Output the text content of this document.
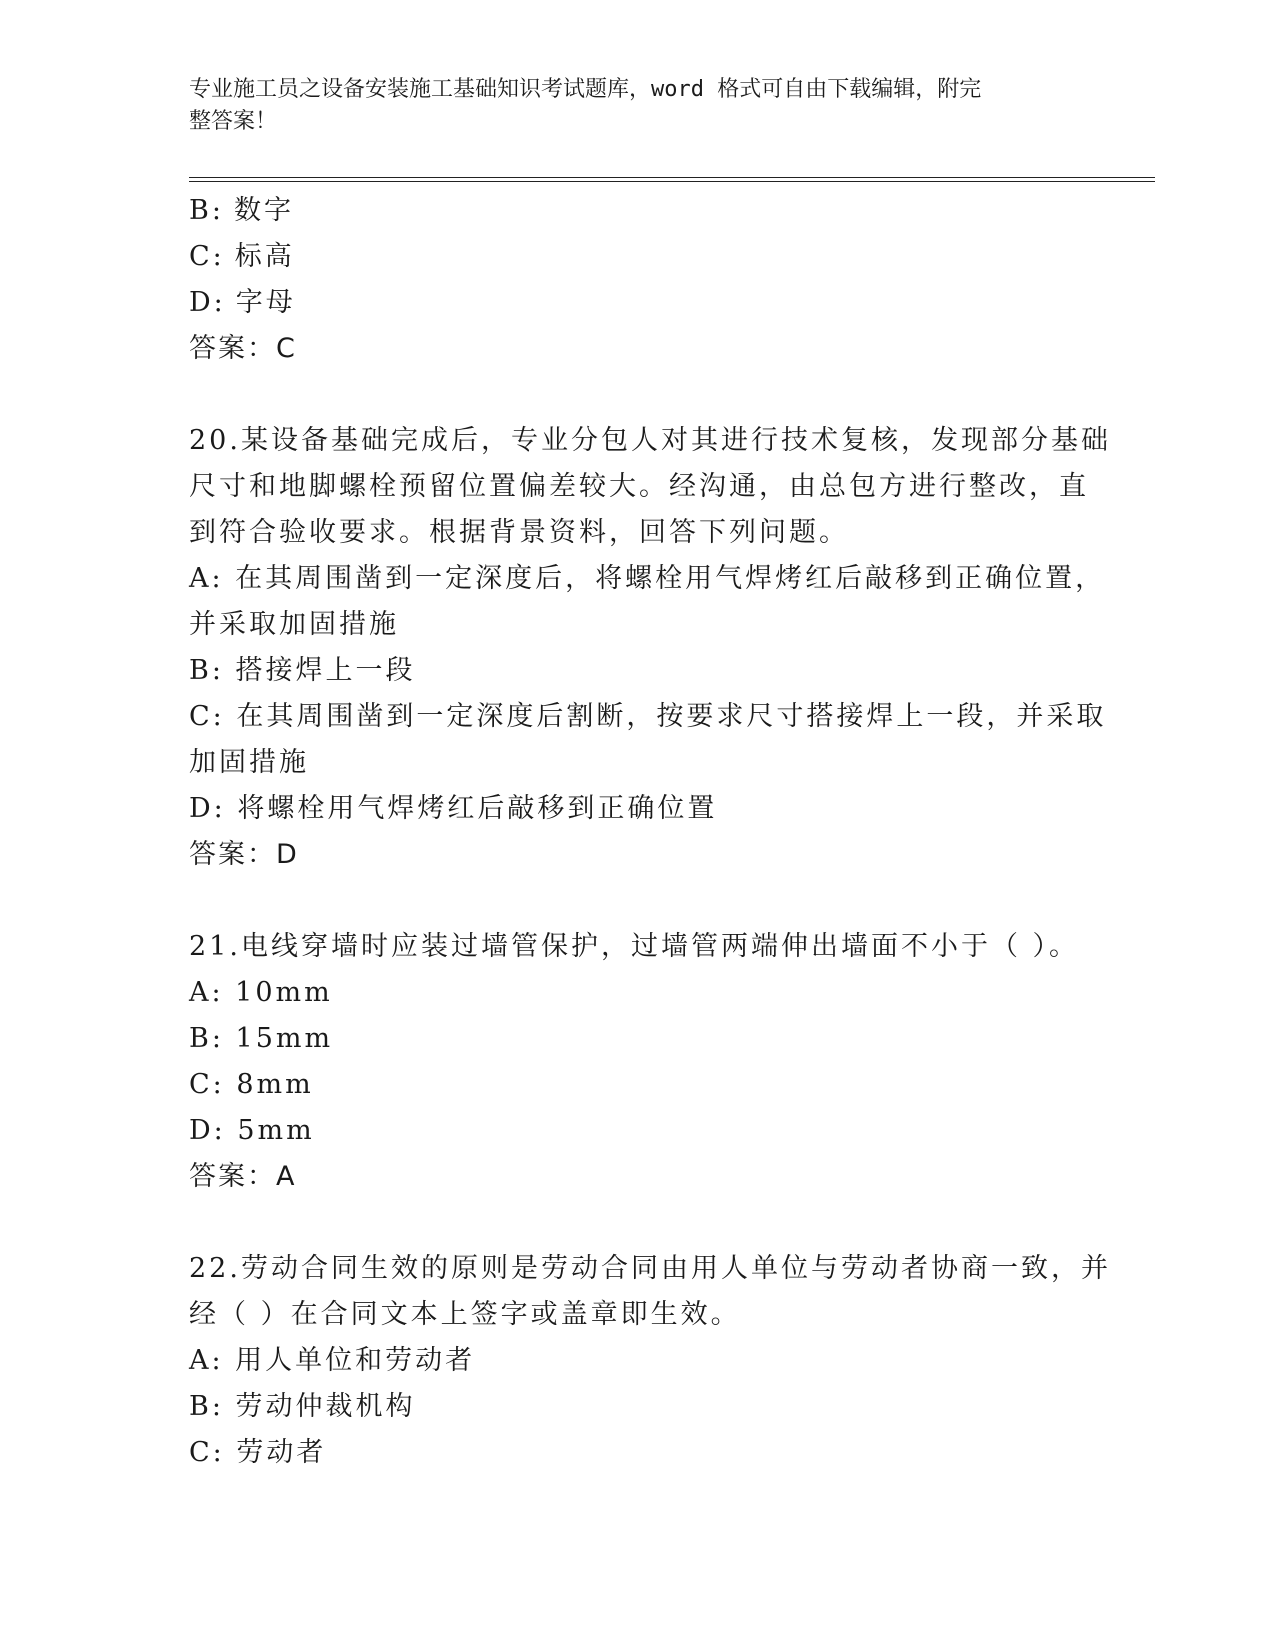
专业施工员之设备安装施工基础知识考试题库，word 格式可自由下载编辑，附完
整答案！
B: 数字
C: 标高
D: 字母
答案：C
20.某设备基础完成后，专业分包人对其进行技术复核，发现部分基础
尺寸和地脚螺栓预留位置偏差较大。经沟通，由总包方进行整改，直
到符合验收要求。根据背景资料，回答下列问题。
A: 在其周围凿到一定深度后，将螺栓用气焊烤红后敲移到正确位置，
并采取加固措施
B: 搭接焊上一段
C: 在其周围凿到一定深度后割断，按要求尺寸搭接焊上一段，并采取
加固措施
D: 将螺栓用气焊烤红后敲移到正确位置
答案：D
21.电线穿墙时应装过墙管保护，过墙管两端伸出墙面不小于（ ）。
A: 10mm
B: 15mm
C: 8mm
D: 5mm
答案：A
22.劳动合同生效的原则是劳动合同由用人单位与劳动者协商一致，并
经（ ）在合同文本上签字或盖章即生效。
A: 用人单位和劳动者
B: 劳动仲裁机构
C: 劳动者
